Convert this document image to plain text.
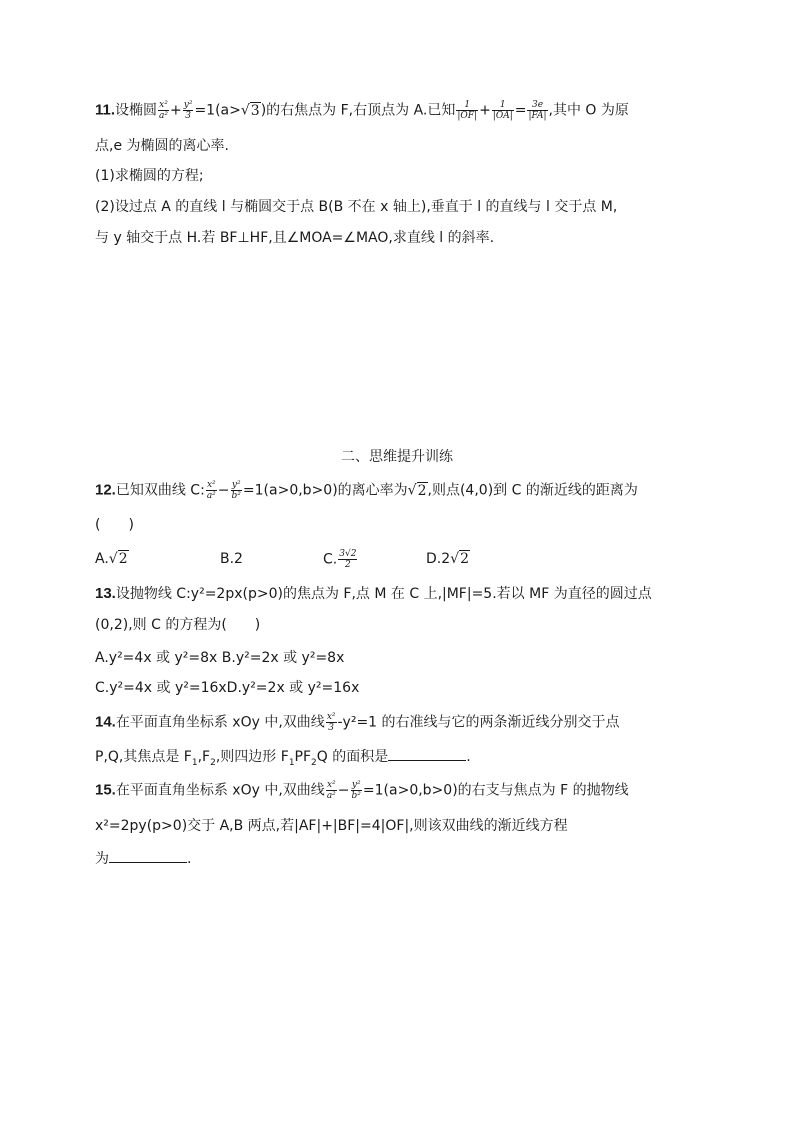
11.设椭圆 $\frac{\text{x²}}{\text{a²}} + \frac{\text{y²}}{3} =1(a>√3)$的右焦点为 F,右顶点为 A.已知 $\frac{1}{|OF|} + \frac{1}{|OA|} = \frac{3e}{|FA|}$ ,其中 O 为原
点,e 为椭圆的离心率.
(1)求椭圆的方程;
(2)设过点 A 的直线 l 与椭圆交于点 B(B 不在 x 轴上),垂直于 l 的直线与 l 交于点 M,
与 y 轴交于点 H.若 BF⊥HF,且∠MOA=∠MAO,求直线 l 的斜率.
二、思维提升训练
12.已知双曲线 C: $\frac{\text{x²}}{\text{a²}} - \frac{\text{y²}}{\text{b²}} =1(a>0,b>0)$的离心率为√2,则点(4,0)到 C 的渐近线的距离为
(　　)
A.√2	B.2	C. $\frac{3√2}{2}$	D.2√2
13.设抛物线 C:y²=2px(p>0)的焦点为 F,点 M 在 C 上,|MF|=5.若以 MF 为直径的圆过点
(0,2),则 C 的方程为(　　)
A.y²=4x 或 y²=8x B.y²=2x 或 y²=8x
C.y²=4x 或 y²=16xD.y²=2x 或 y²=16x
14.在平面直角坐标系 xOy 中,双曲线 $\frac{\text{x²}}{3} -y^2=1$ 的右准线与它的两条渐近线分别交于点
P,Q,其焦点是 $F_1,F_2$,则四边形 $F_1PF_2Q$ 的面积是	.
15.在平面直角坐标系 xOy 中,双曲线 $\frac{\text{x²}}{\text{a²}} - \frac{\text{y²}}{\text{b²}} =1(a>0,b>0)$的右支与焦点为 F 的抛物线
x²=2py(p>0)交于 A,B 两点,若|AF|+|BF|=4|OF|,则该双曲线的渐近线方程
为	.
